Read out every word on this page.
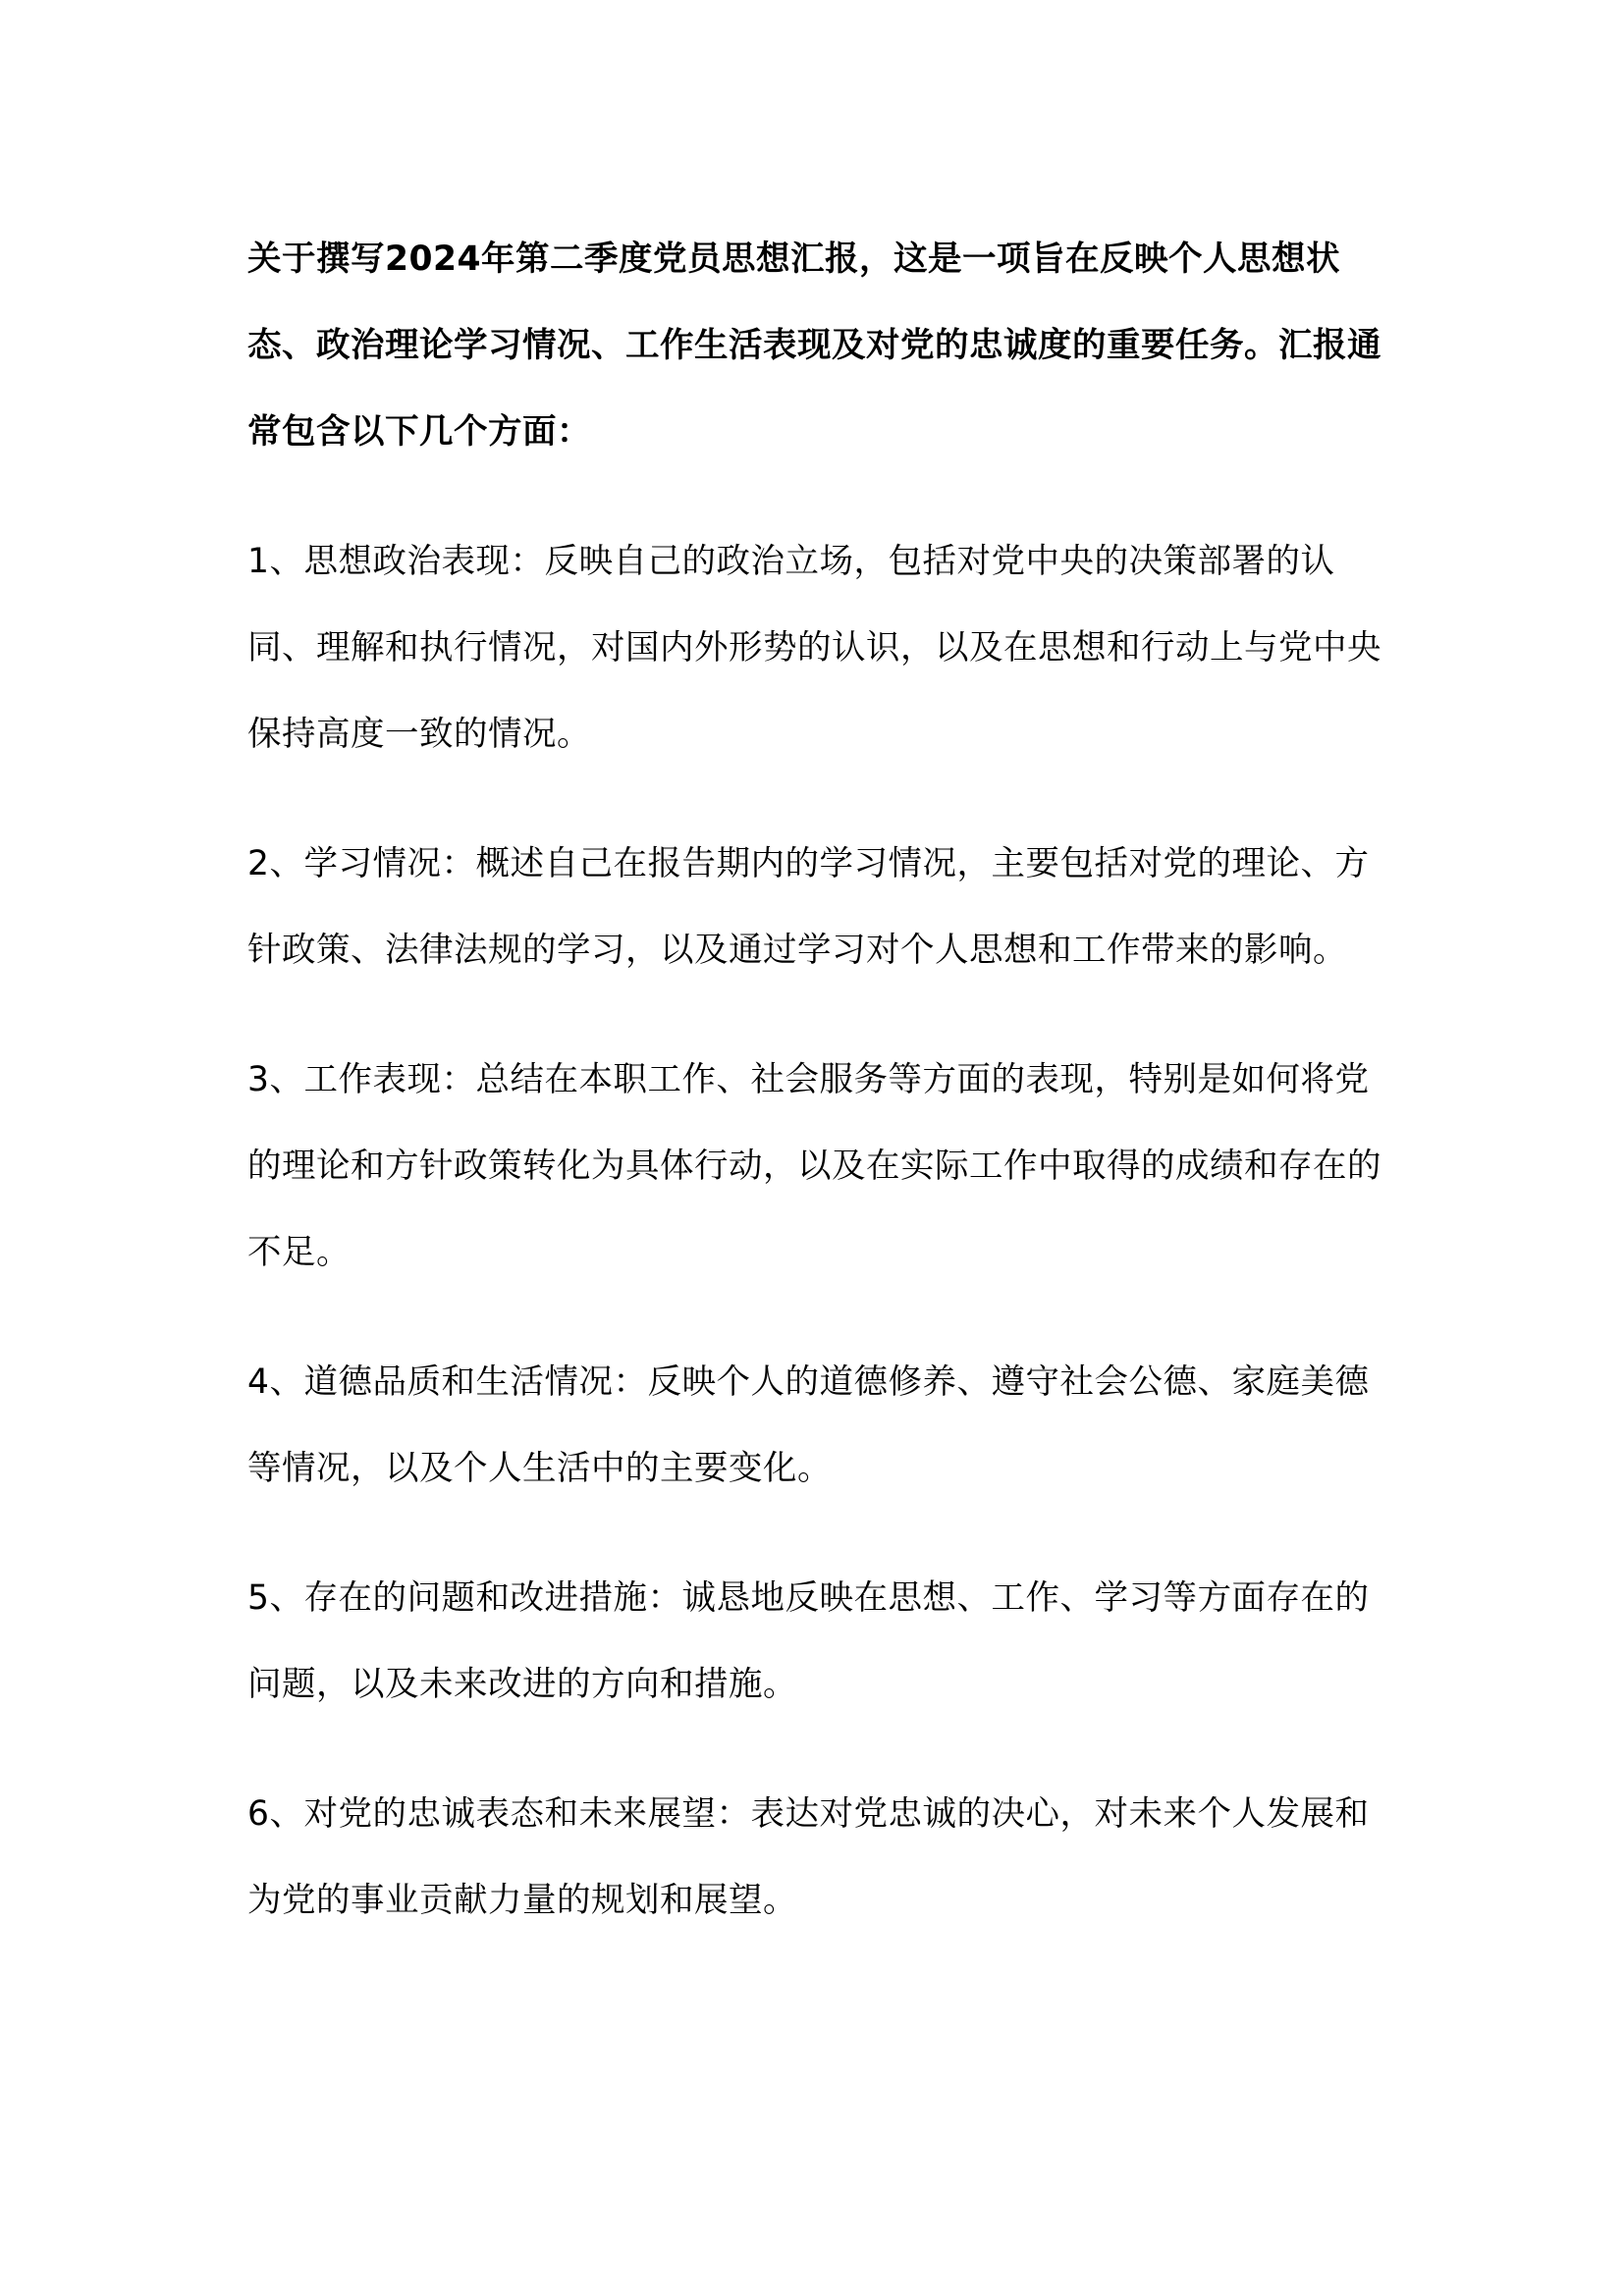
关于撰写2024年第二季度党员思想汇报，这是一项旨在反映个人思想状态、政治理论学习情况、工作生活表现及对党的忠诚度的重要任务。汇报通常包含以下几个方面：

1、思想政治表现：反映自己的政治立场，包括对党中央的决策部署的认同、理解和执行情况，对国内外形势的认识，以及在思想和行动上与党中央保持高度一致的情况。

2、学习情况：概述自己在报告期内的学习情况，主要包括对党的理论、方针政策、法律法规的学习，以及通过学习对个人思想和工作带来的影响。

3、工作表现：总结在本职工作、社会服务等方面的表现，特别是如何将党的理论和方针政策转化为具体行动，以及在实际工作中取得的成绩和存在的不足。

4、道德品质和生活情况：反映个人的道德修养、遵守社会公德、家庭美德等情况，以及个人生活中的主要变化。

5、存在的问题和改进措施：诚恳地反映在思想、工作、学习等方面存在的问题，以及未来改进的方向和措施。

6、对党的忠诚表态和未来展望：表达对党忠诚的决心，对未来个人发展和为党的事业贡献力量的规划和展望。
